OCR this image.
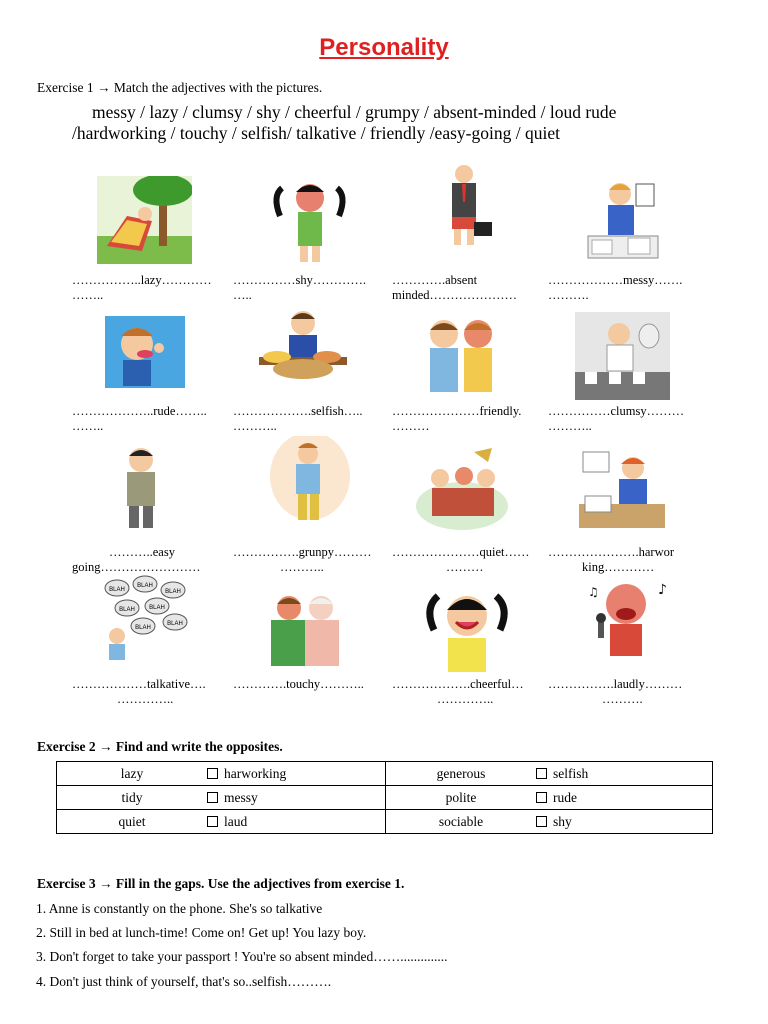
Personality
Exercise 1 → Match the adjectives with the pictures.
messy / lazy / clumsy / shy / cheerful / grumpy / absent-minded / loud rude
/hardworking / touchy / selfish/ talkative / friendly /easy-going / quiet
……………..lazy…………
……..
……………shy………….
…..
………….absent
minded…………………
………………messy…….
……….
………………..rude……..
……..
……………….selfish…..
………..
…………………friendly.
………
……………clumsy………
………..
………..easy
going……………………
…………….grunpy………
………..
…………………quiet……
………
………………….harwor
king…………
BLAH
BLAH
BLAH
BLAH BLAH
BLAH
BLAH
♪
♫
………………talkative….
…………..
………….touchy………..	……………….cheerful…
…………..
…………….laudly………
……….
Exercise 2 → Find and write the opposites.
lazy harworking	generous selfish

tidy messy	polite rude

quiet laud	sociable shy
Exercise 3 → Fill in the gaps. Use the adjectives from exercise 1.
1. Anne is constantly on the phone. She's so talkative
2. Still in bed at lunch-time! Come on! Get up! You lazy boy.
3. Don't forget to take your passport ! You're so absent minded……..............
4. Don't just think of yourself, that's so..selfish……….
